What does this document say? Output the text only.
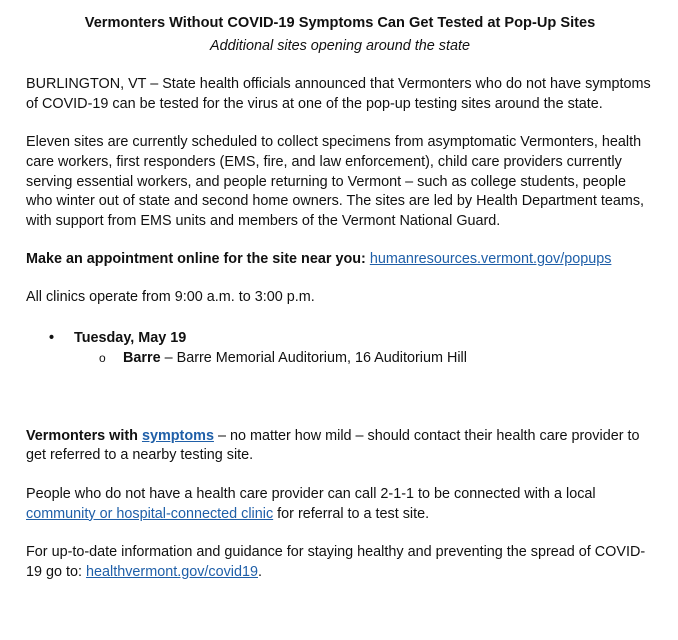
Vermonters Without COVID-19 Symptoms Can Get Tested at Pop-Up Sites

Additional sites opening around the state

BURLINGTON, VT – State health officials announced that Vermonters who do not have symptoms of COVID-19 can be tested for the virus at one of the pop-up testing sites around the state.

Eleven sites are currently scheduled to collect specimens from asymptomatic Vermonters, health care workers, first responders (EMS, fire, and law enforcement), child care providers currently serving essential workers, and people returning to Vermont – such as college students, people who winter out of state and second home owners. The sites are led by Health Department teams, with support from EMS units and members of the Vermont National Guard.

Make an appointment online for the site near you: humanresources.vermont.gov/popups

All clinics operate from 9:00 a.m. to 3:00 p.m.

• Tuesday, May 19
o Barre – Barre Memorial Auditorium, 16 Auditorium Hill

Vermonters with symptoms – no matter how mild – should contact their health care provider to get referred to a nearby testing site.

People who do not have a health care provider can call 2-1-1 to be connected with a local community or hospital-connected clinic for referral to a test site.

For up-to-date information and guidance for staying healthy and preventing the spread of COVID-19 go to: healthvermont.gov/covid19.
